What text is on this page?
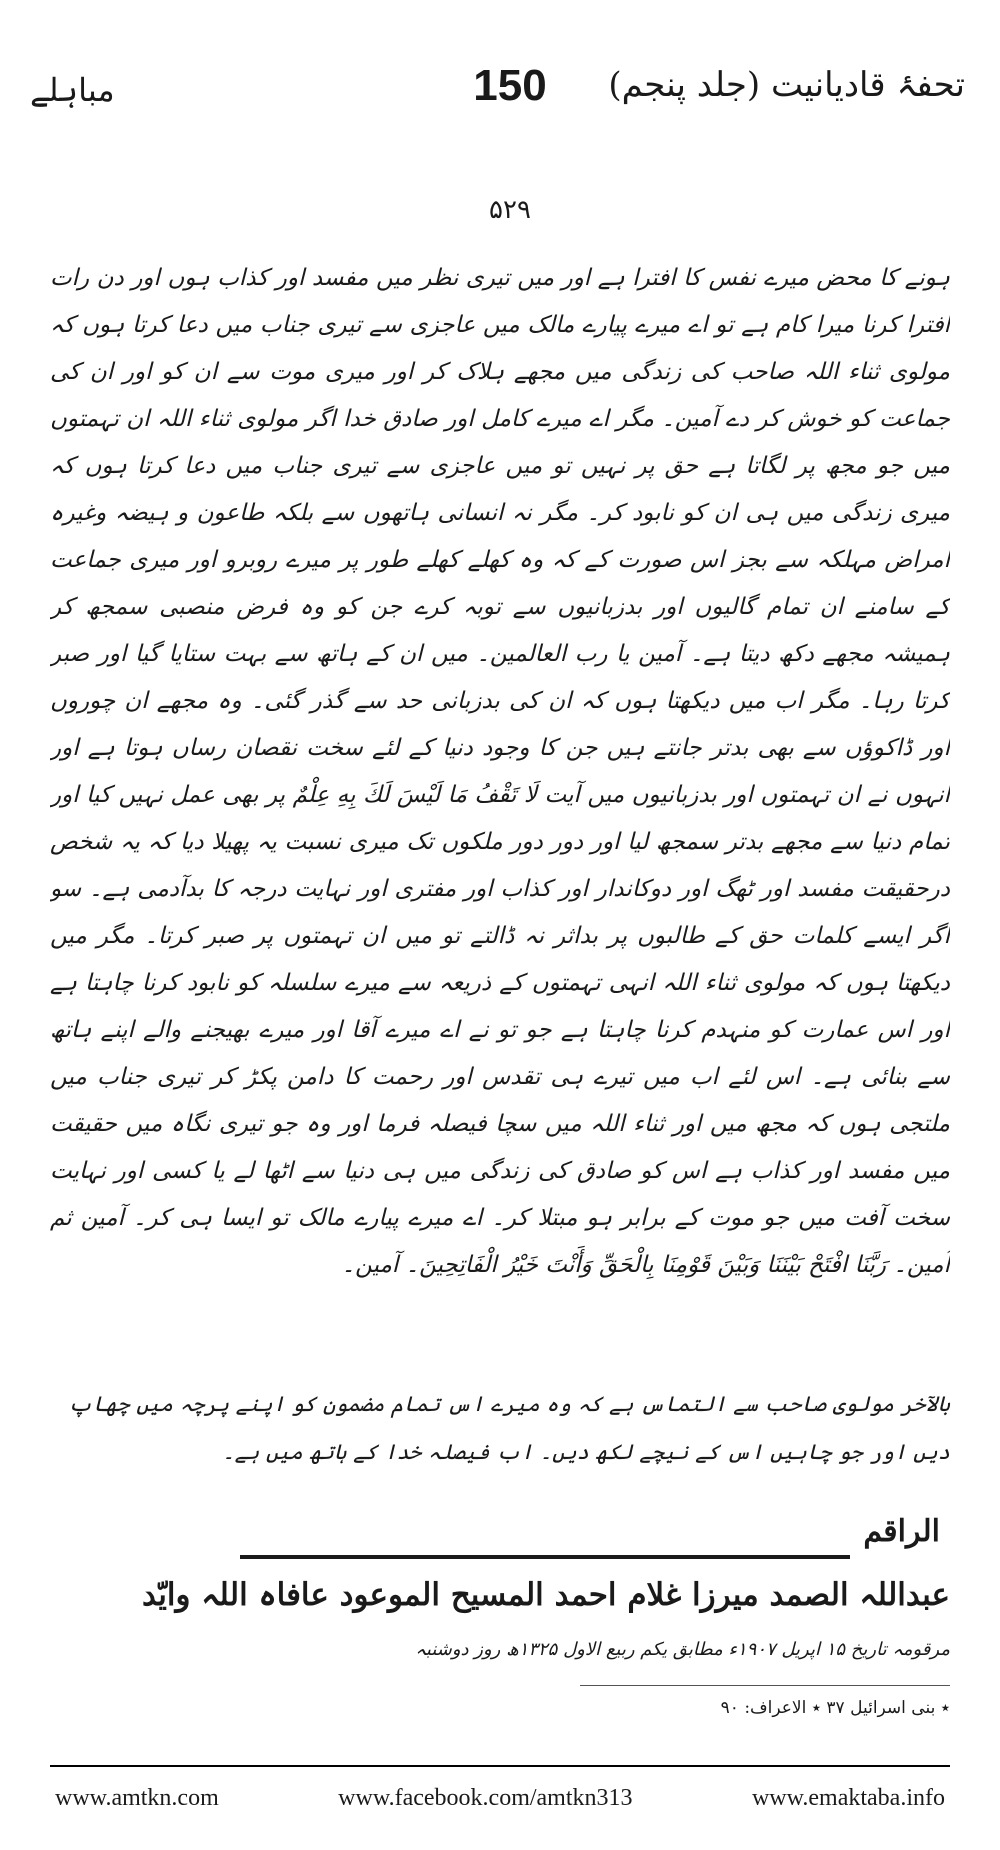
تحفۂ قادیانیت (جلد پنجم)
150
مباہلے
۵۲۹

ہونے کا محض میرے نفس کا افترا ہے اور میں تیری نظر میں مفسد اور کذاب ہوں اور دن رات افترا کرنا میرا کام ہے تو اے میرے پیارے مالک میں عاجزی سے تیری جناب میں دعا کرتا ہوں کہ مولوی ثناء اللہ صاحب کی زندگی میں مجھے ہلاک کر اور میری موت سے ان کو اور ان کی جماعت کو خوش کر دے آمین۔ مگر اے میرے کامل اور صادق خدا اگر مولوی ثناء اللہ ان تہمتوں میں جو مجھ پر لگاتا ہے حق پر نہیں تو میں عاجزی سے تیری جناب میں دعا کرتا ہوں کہ میری زندگی میں ہی ان کو نابود کر۔ مگر نہ انسانی ہاتھوں سے بلکہ طاعون و ہیضہ وغیرہ امراض مہلکہ سے بجز اس صورت کے کہ وہ کھلے کھلے طور پر میرے روبرو اور میری جماعت کے سامنے ان تمام گالیوں اور بدزبانیوں سے توبہ کرے جن کو وہ فرض منصبی سمجھ کر ہمیشہ مجھے دکھ دیتا ہے۔ آمین یا رب العالمین۔ میں ان کے ہاتھ سے بہت ستایا گیا اور صبر کرتا رہا۔ مگر اب میں دیکھتا ہوں کہ ان کی بدزبانی حد سے گذر گئی۔ وہ مجھے ان چوروں اور ڈاکوؤں سے بھی بدتر جانتے ہیں جن کا وجود دنیا کے لئے سخت نقصان رساں ہوتا ہے اور انہوں نے ان تہمتوں اور بدزبانیوں میں آیت لَا تَقْفُ مَا لَيْسَ لَكَ بِهِ عِلْمٌ پر بھی عمل نہیں کیا اور تمام دنیا سے مجھے بدتر سمجھ لیا اور دور دور ملکوں تک میری نسبت یہ پھیلا دیا کہ یہ شخص درحقیقت مفسد اور ٹھگ اور دوکاندار اور کذاب اور مفتری اور نہایت درجہ کا بدآدمی ہے۔ سو اگر ایسے کلمات حق کے طالبوں پر بداثر نہ ڈالتے تو میں ان تہمتوں پر صبر کرتا۔ مگر میں دیکھتا ہوں کہ مولوی ثناء اللہ انہی تہمتوں کے ذریعہ سے میرے سلسلہ کو نابود کرنا چاہتا ہے اور اس عمارت کو منہدم کرنا چاہتا ہے جو تو نے اے میرے آقا اور میرے بھیجنے والے اپنے ہاتھ سے بنائی ہے۔ اس لئے اب میں تیرے ہی تقدس اور رحمت کا دامن پکڑ کر تیری جناب میں ملتجی ہوں کہ مجھ میں اور ثناء اللہ میں سچا فیصلہ فرما اور وہ جو تیری نگاہ میں حقیقت میں مفسد اور کذاب ہے اس کو صادق کی زندگی میں ہی دنیا سے اٹھا لے یا کسی اور نہایت سخت آفت میں جو موت کے برابر ہو مبتلا کر۔ اے میرے پیارے مالک تو ایسا ہی کر۔ آمین ثم آمین۔ رَبَّنَا افْتَحْ بَيْنَنَا وَبَيْنَ قَوْمِنَا بِالْحَقِّ وَأَنْتَ خَيْرُ الْفَاتِحِينَ۔ آمین۔

بالآخر مولوی صاحب سے التماس ہے کہ وہ میرے اس تمام مضمون کو اپنے پرچہ میں چھاپ دیں اور جو چاہیں اس کے نیچے لکھ دیں۔ اب فیصلہ خدا کے ہاتھ میں ہے۔
الراقم
عبداللہ الصمد میرزا غلام احمد المسیح الموعود عافاہ اللہ وایّد
مرقومہ تاریخ ۱۵ اپریل ۱۹۰۷ء مطابق یکم ربیع الاول ۱۳۲۵ھ روز دوشنبہ
٭ بنی اسرائیل ۳۷ ٭ الاعراف: ۹۰
www.amtkn.com	www.facebook.com/amtkn313	www.emaktaba.info
